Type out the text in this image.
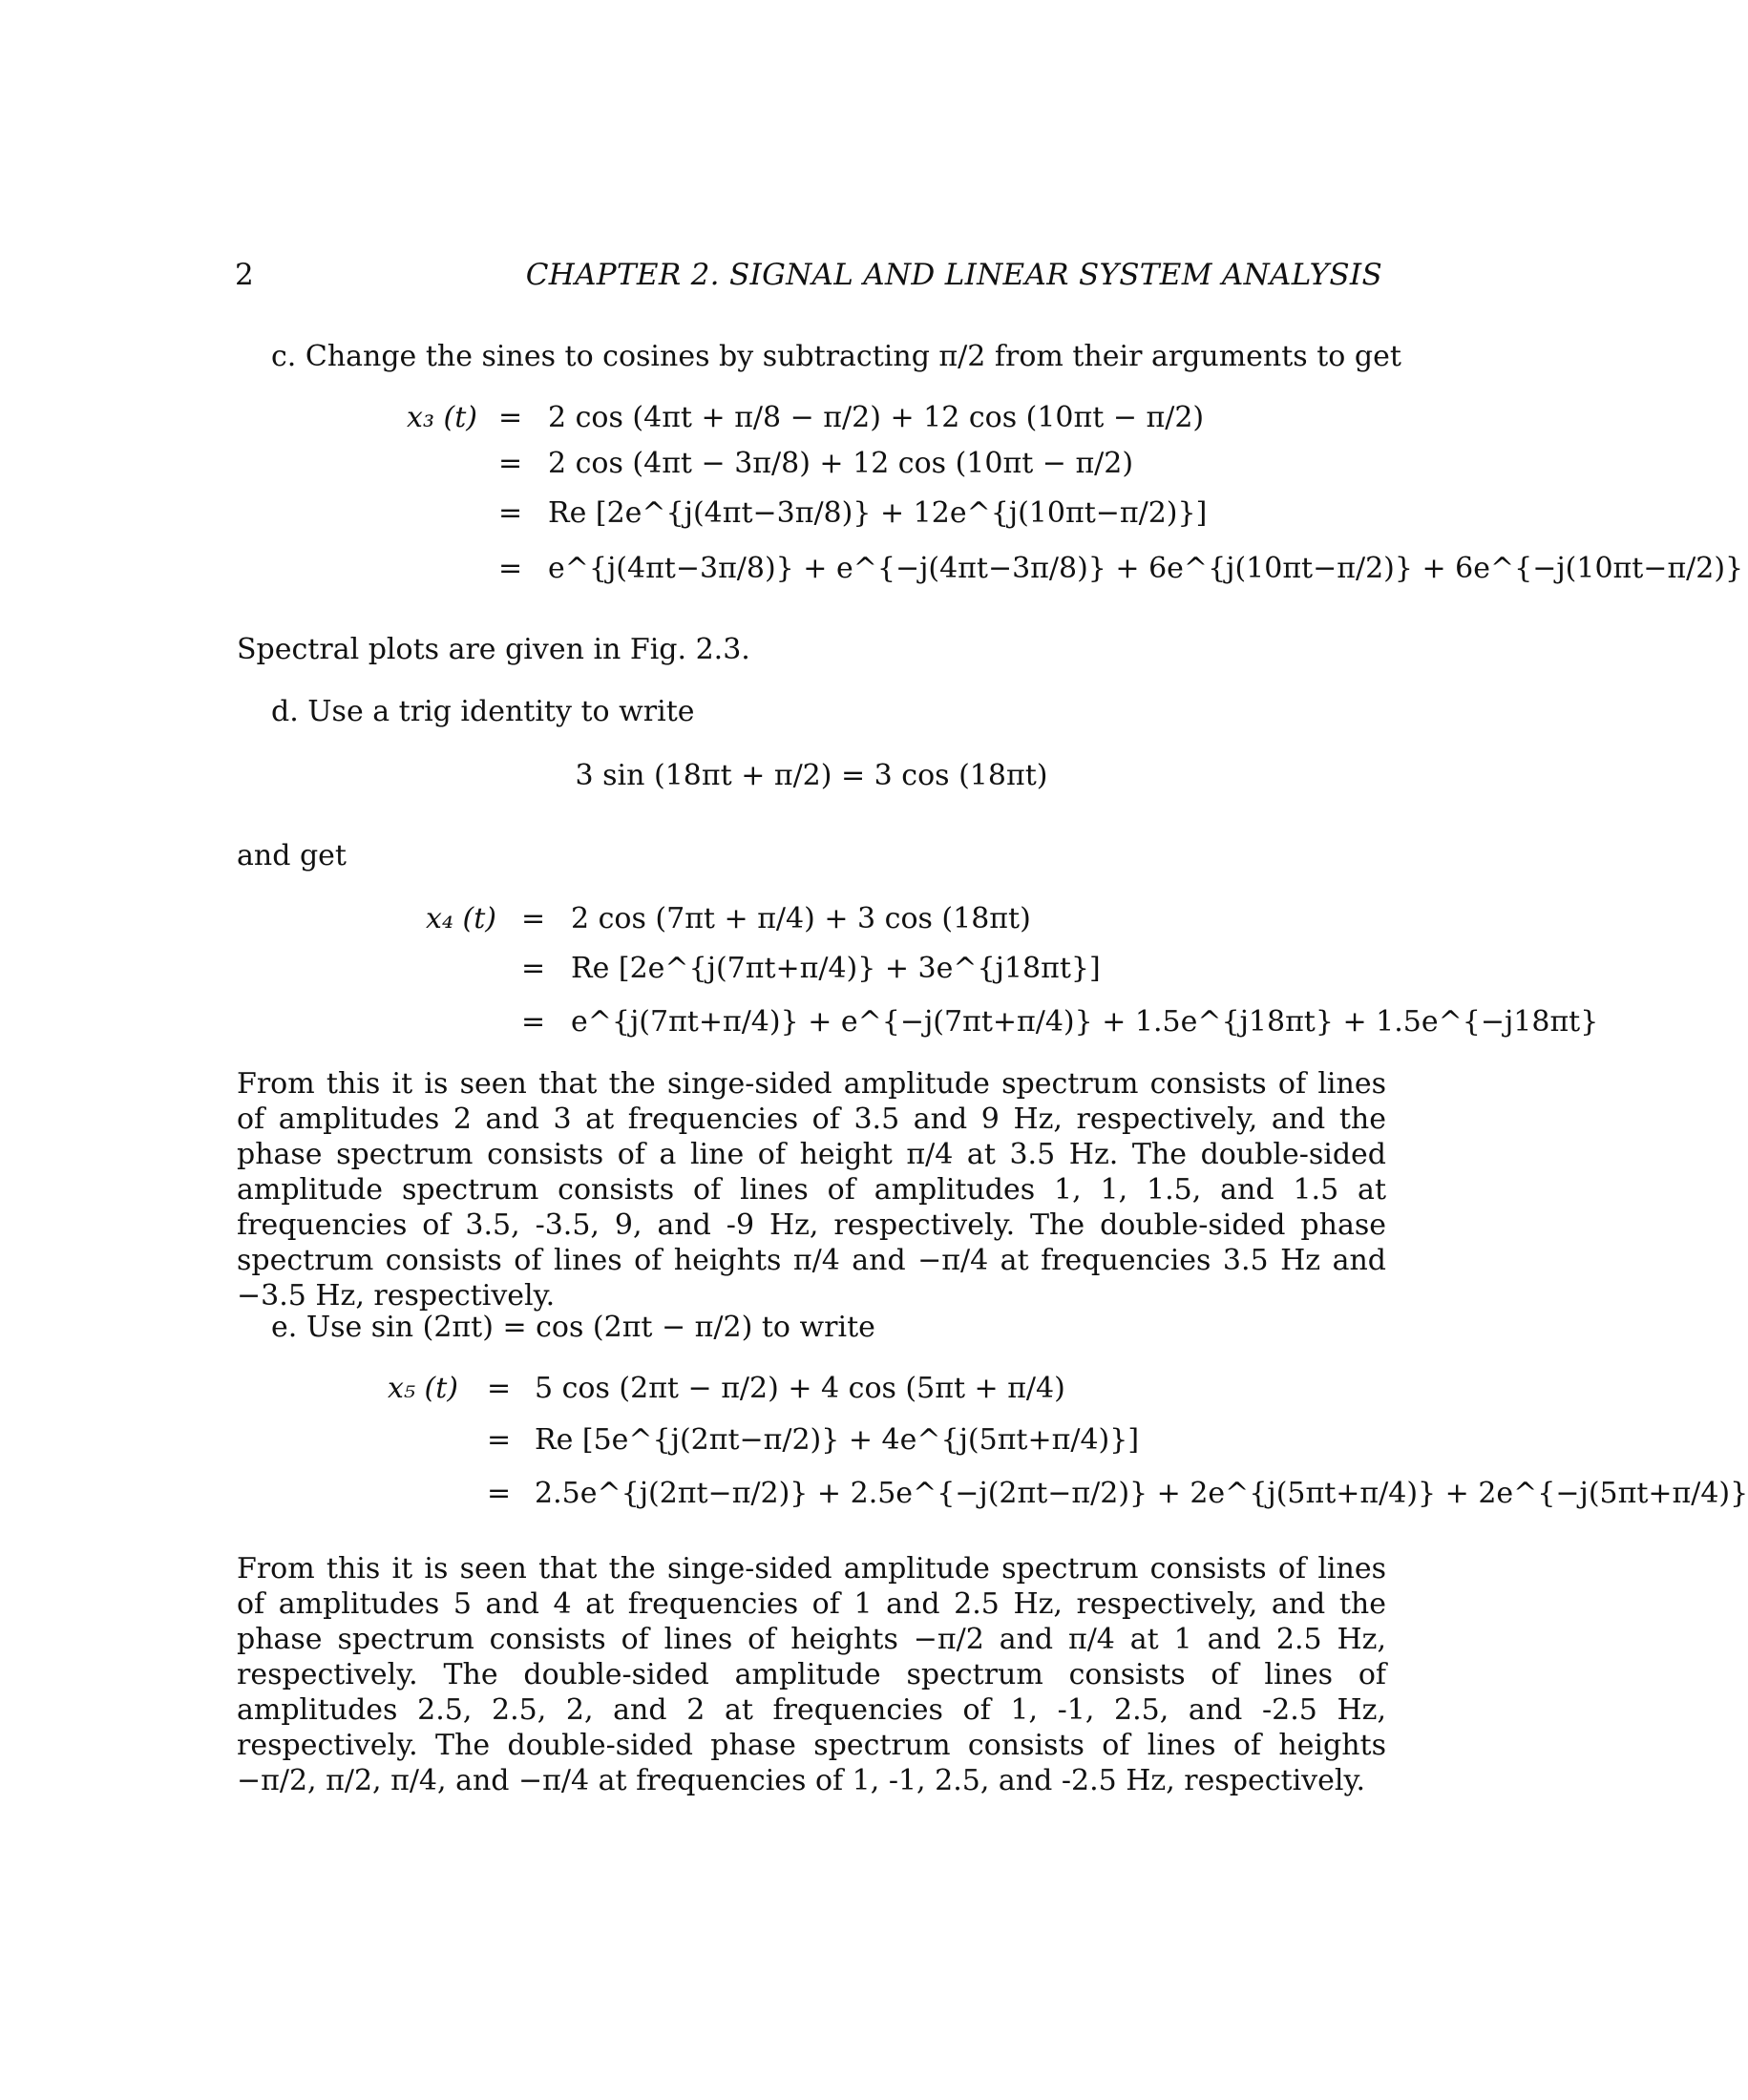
2	CHAPTER 2. SIGNAL AND LINEAR SYSTEM ANALYSIS
c. Change the sines to cosines by subtracting π/2 from their arguments to get
x₃ (t) = 2 cos (4πt + π/8 − π/2) + 12 cos (10πt − π/2)
= 2 cos (4πt − 3π/8) + 12 cos (10πt − π/2)
= Re [2e^{j(4πt−3π/8)} + 12e^{j(10πt−π/2)}]
= e^{j(4πt−3π/8)} + e^{−j(4πt−3π/8)} + 6e^{j(10πt−π/2)} + 6e^{−j(10πt−π/2)}
Spectral plots are given in Fig. 2.3.
d. Use a trig identity to write
3 sin (18πt + π/2) = 3 cos (18πt)
and get
x₄ (t) = 2 cos (7πt + π/4) + 3 cos (18πt)
= Re [2e^{j(7πt+π/4)} + 3e^{j18πt}]
= e^{j(7πt+π/4)} + e^{−j(7πt+π/4)} + 1.5e^{j18πt} + 1.5e^{−j18πt}
From this it is seen that the singe-sided amplitude spectrum consists of lines of amplitudes 2 and 3 at frequencies of 3.5 and 9 Hz, respectively, and the phase spectrum consists of a line of height π/4 at 3.5 Hz. The double-sided amplitude spectrum consists of lines of amplitudes 1, 1, 1.5, and 1.5 at frequencies of 3.5, -3.5, 9, and -9 Hz, respectively. The double-sided phase spectrum consists of lines of heights π/4 and −π/4 at frequencies 3.5 Hz and −3.5 Hz, respectively.
e. Use sin (2πt) = cos (2πt − π/2) to write
x₅ (t) = 5 cos (2πt − π/2) + 4 cos (5πt + π/4)
= Re [5e^{j(2πt−π/2)} + 4e^{j(5πt+π/4)}]
= 2.5e^{j(2πt−π/2)} + 2.5e^{−j(2πt−π/2)} + 2e^{j(5πt+π/4)} + 2e^{−j(5πt+π/4)}
From this it is seen that the singe-sided amplitude spectrum consists of lines of amplitudes 5 and 4 at frequencies of 1 and 2.5 Hz, respectively, and the phase spectrum consists of lines of heights −π/2 and π/4 at 1 and 2.5 Hz, respectively. The double-sided amplitude spectrum consists of lines of amplitudes 2.5, 2.5, 2, and 2 at frequencies of 1, -1, 2.5, and -2.5 Hz, respectively. The double-sided phase spectrum consists of lines of heights −π/2, π/2, π/4, and −π/4 at frequencies of 1, -1, 2.5, and -2.5 Hz, respectively.
